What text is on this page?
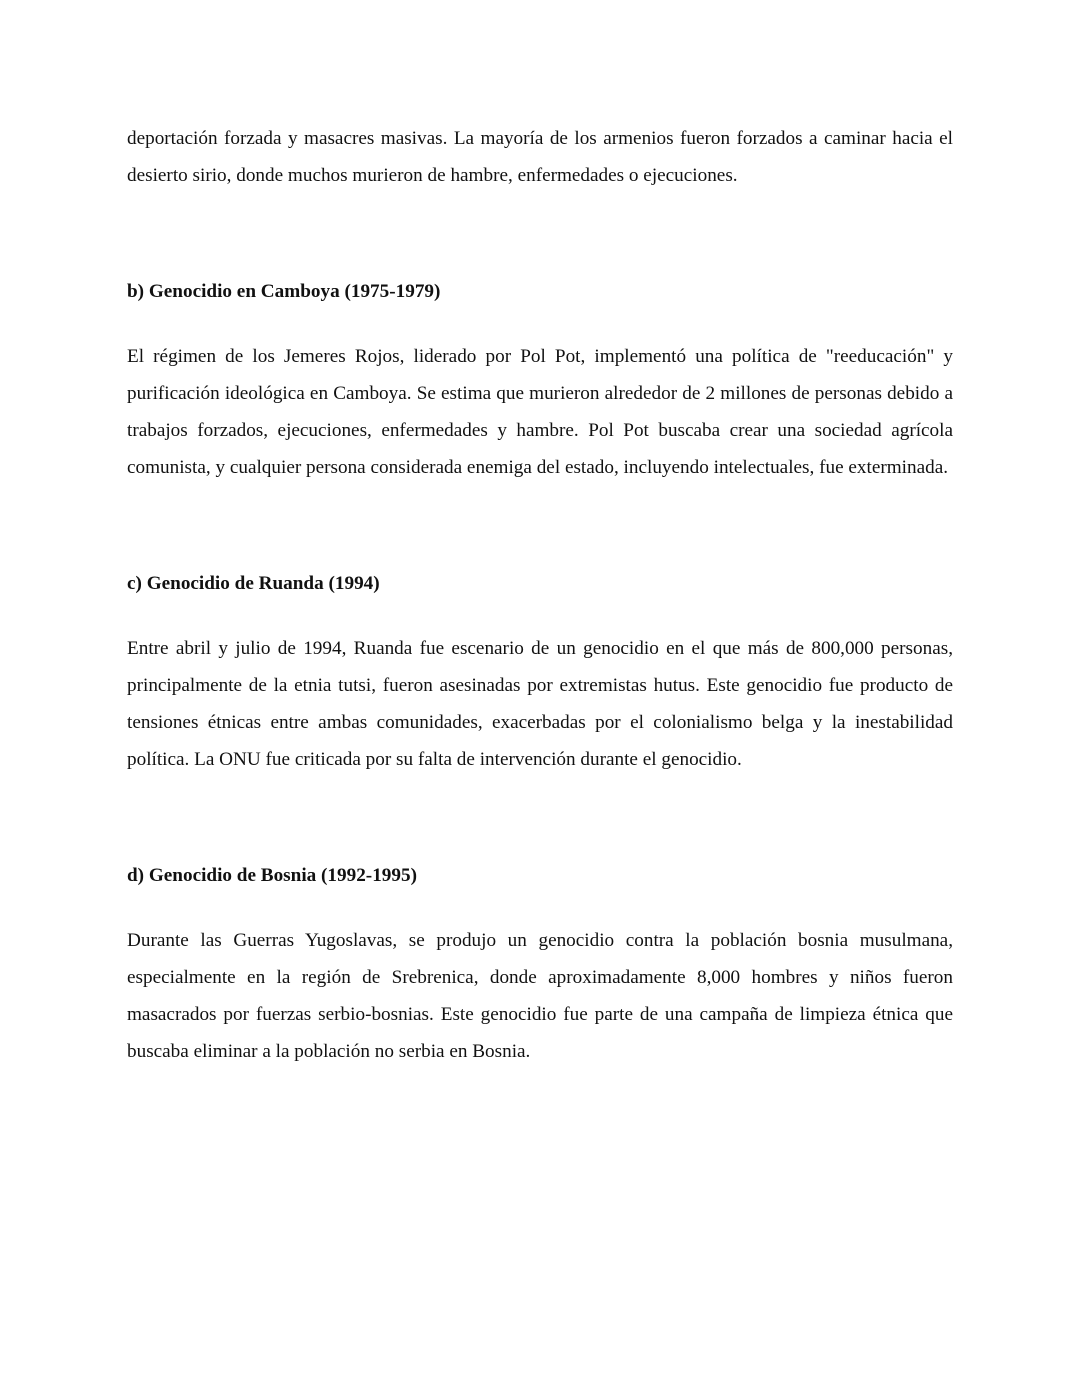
deportación forzada y masacres masivas. La mayoría de los armenios fueron forzados a caminar hacia el desierto sirio, donde muchos murieron de hambre, enfermedades o ejecuciones.

b) Genocidio en Camboya (1975-1979)

El régimen de los Jemeres Rojos, liderado por Pol Pot, implementó una política de "reeducación" y purificación ideológica en Camboya. Se estima que murieron alrededor de 2 millones de personas debido a trabajos forzados, ejecuciones, enfermedades y hambre. Pol Pot buscaba crear una sociedad agrícola comunista, y cualquier persona considerada enemiga del estado, incluyendo intelectuales, fue exterminada.

c) Genocidio de Ruanda (1994)

Entre abril y julio de 1994, Ruanda fue escenario de un genocidio en el que más de 800,000 personas, principalmente de la etnia tutsi, fueron asesinadas por extremistas hutus. Este genocidio fue producto de tensiones étnicas entre ambas comunidades, exacerbadas por el colonialismo belga y la inestabilidad política. La ONU fue criticada por su falta de intervención durante el genocidio.

d) Genocidio de Bosnia (1992-1995)

Durante las Guerras Yugoslavas, se produjo un genocidio contra la población bosnia musulmana, especialmente en la región de Srebrenica, donde aproximadamente 8,000 hombres y niños fueron masacrados por fuerzas serbio-bosnias. Este genocidio fue parte de una campaña de limpieza étnica que buscaba eliminar a la población no serbia en Bosnia.
